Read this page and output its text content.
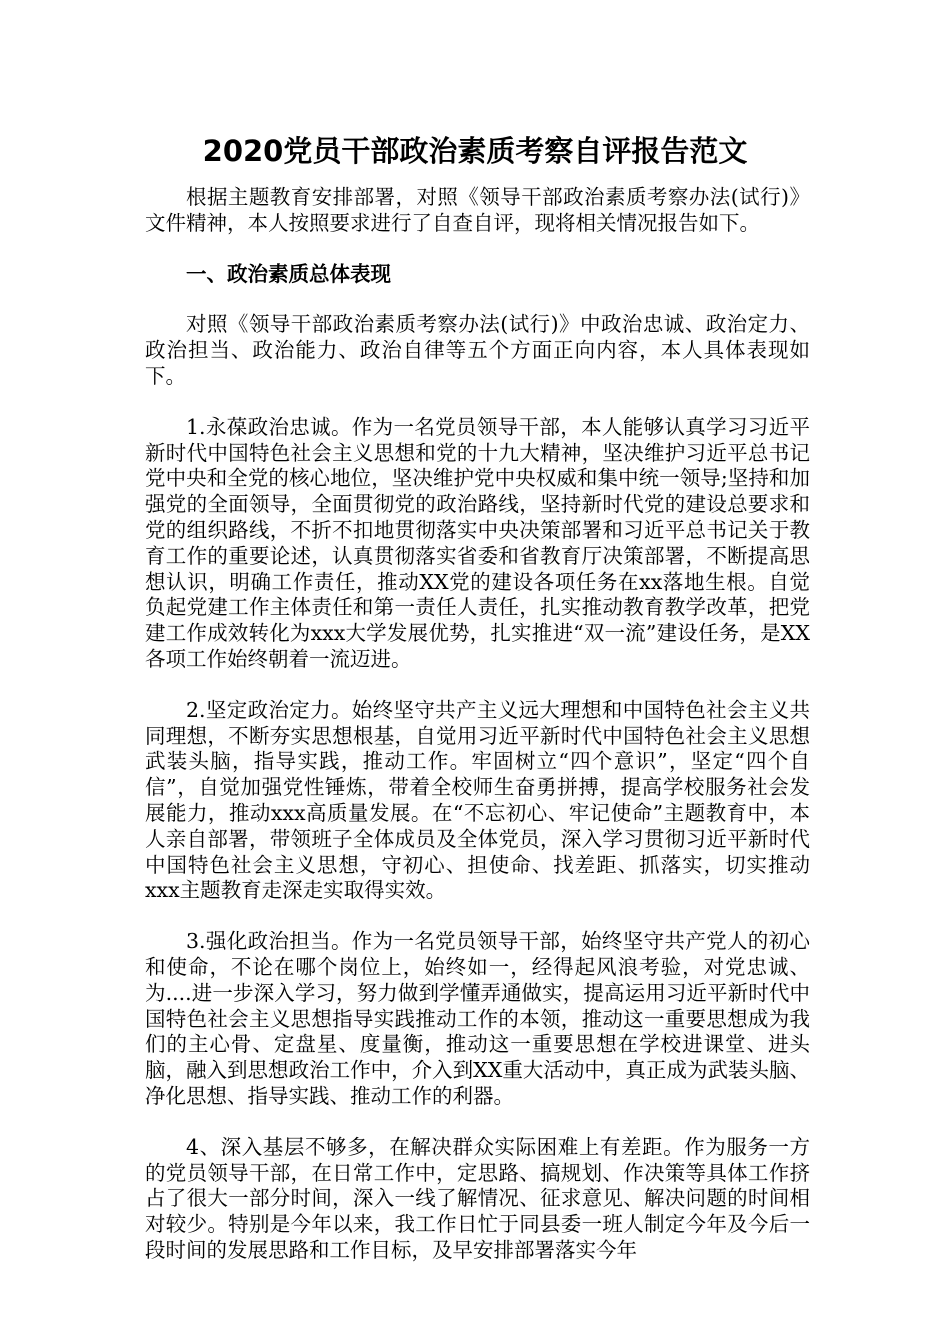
2020党员干部政治素质考察自评报告范文

根据主题教育安排部署，对照《领导干部政治素质考察办法(试行)》文件精神，本人按照要求进行了自查自评，现将相关情况报告如下。

一、政治素质总体表现

对照《领导干部政治素质考察办法(试行)》中政治忠诚、政治定力、政治担当、政治能力、政治自律等五个方面正向内容，本人具体表现如下。

1.永葆政治忠诚。作为一名党员领导干部，本人能够认真学习习近平新时代中国特色社会主义思想和党的十九大精神，坚决维护习近平总书记党中央和全党的核心地位，坚决维护党中央权威和集中统一领导;坚持和加强党的全面领导，全面贯彻党的政治路线，坚持新时代党的建设总要求和党的组织路线，不折不扣地贯彻落实中央决策部署和习近平总书记关于教育工作的重要论述，认真贯彻落实省委和省教育厅决策部署，不断提高思想认识，明确工作责任，推动XX党的建设各项任务在xx落地生根。自觉负起党建工作主体责任和第一责任人责任，扎实推动教育教学改革，把党建工作成效转化为xxx大学发展优势，扎实推进“双一流”建设任务，是XX各项工作始终朝着一流迈进。

2.坚定政治定力。始终坚守共产主义远大理想和中国特色社会主义共同理想，不断夯实思想根基，自觉用习近平新时代中国特色社会主义思想武装头脑，指导实践，推动工作。牢固树立“四个意识”，坚定“四个自信”，自觉加强党性锤炼，带着全校师生奋勇拼搏，提高学校服务社会发展能力，推动xxx高质量发展。在“不忘初心、牢记使命”主题教育中，本人亲自部署，带领班子全体成员及全体党员，深入学习贯彻习近平新时代中国特色社会主义思想，守初心、担使命、找差距、抓落实，切实推动xxx主题教育走深走实取得实效。

3.强化政治担当。作为一名党员领导干部，始终坚守共产党人的初心和使命，不论在哪个岗位上，始终如一，经得起风浪考验，对党忠诚、为....进一步深入学习，努力做到学懂弄通做实，提高运用习近平新时代中国特色社会主义思想指导实践推动工作的本领，推动这一重要思想成为我们的主心骨、定盘星、度量衡，推动这一重要思想在学校进课堂、进头脑，融入到思想政治工作中，介入到XX重大活动中，真正成为武装头脑、净化思想、指导实践、推动工作的利器。

4、深入基层不够多，在解决群众实际困难上有差距。作为服务一方的党员领导干部，在日常工作中，定思路、搞规划、作决策等具体工作挤占了很大一部分时间，深入一线了解情况、征求意见、解决问题的时间相对较少。特别是今年以来，我工作日忙于同县委一班人制定今年及今后一段时间的发展思路和工作目标，及早安排部署落实今年
